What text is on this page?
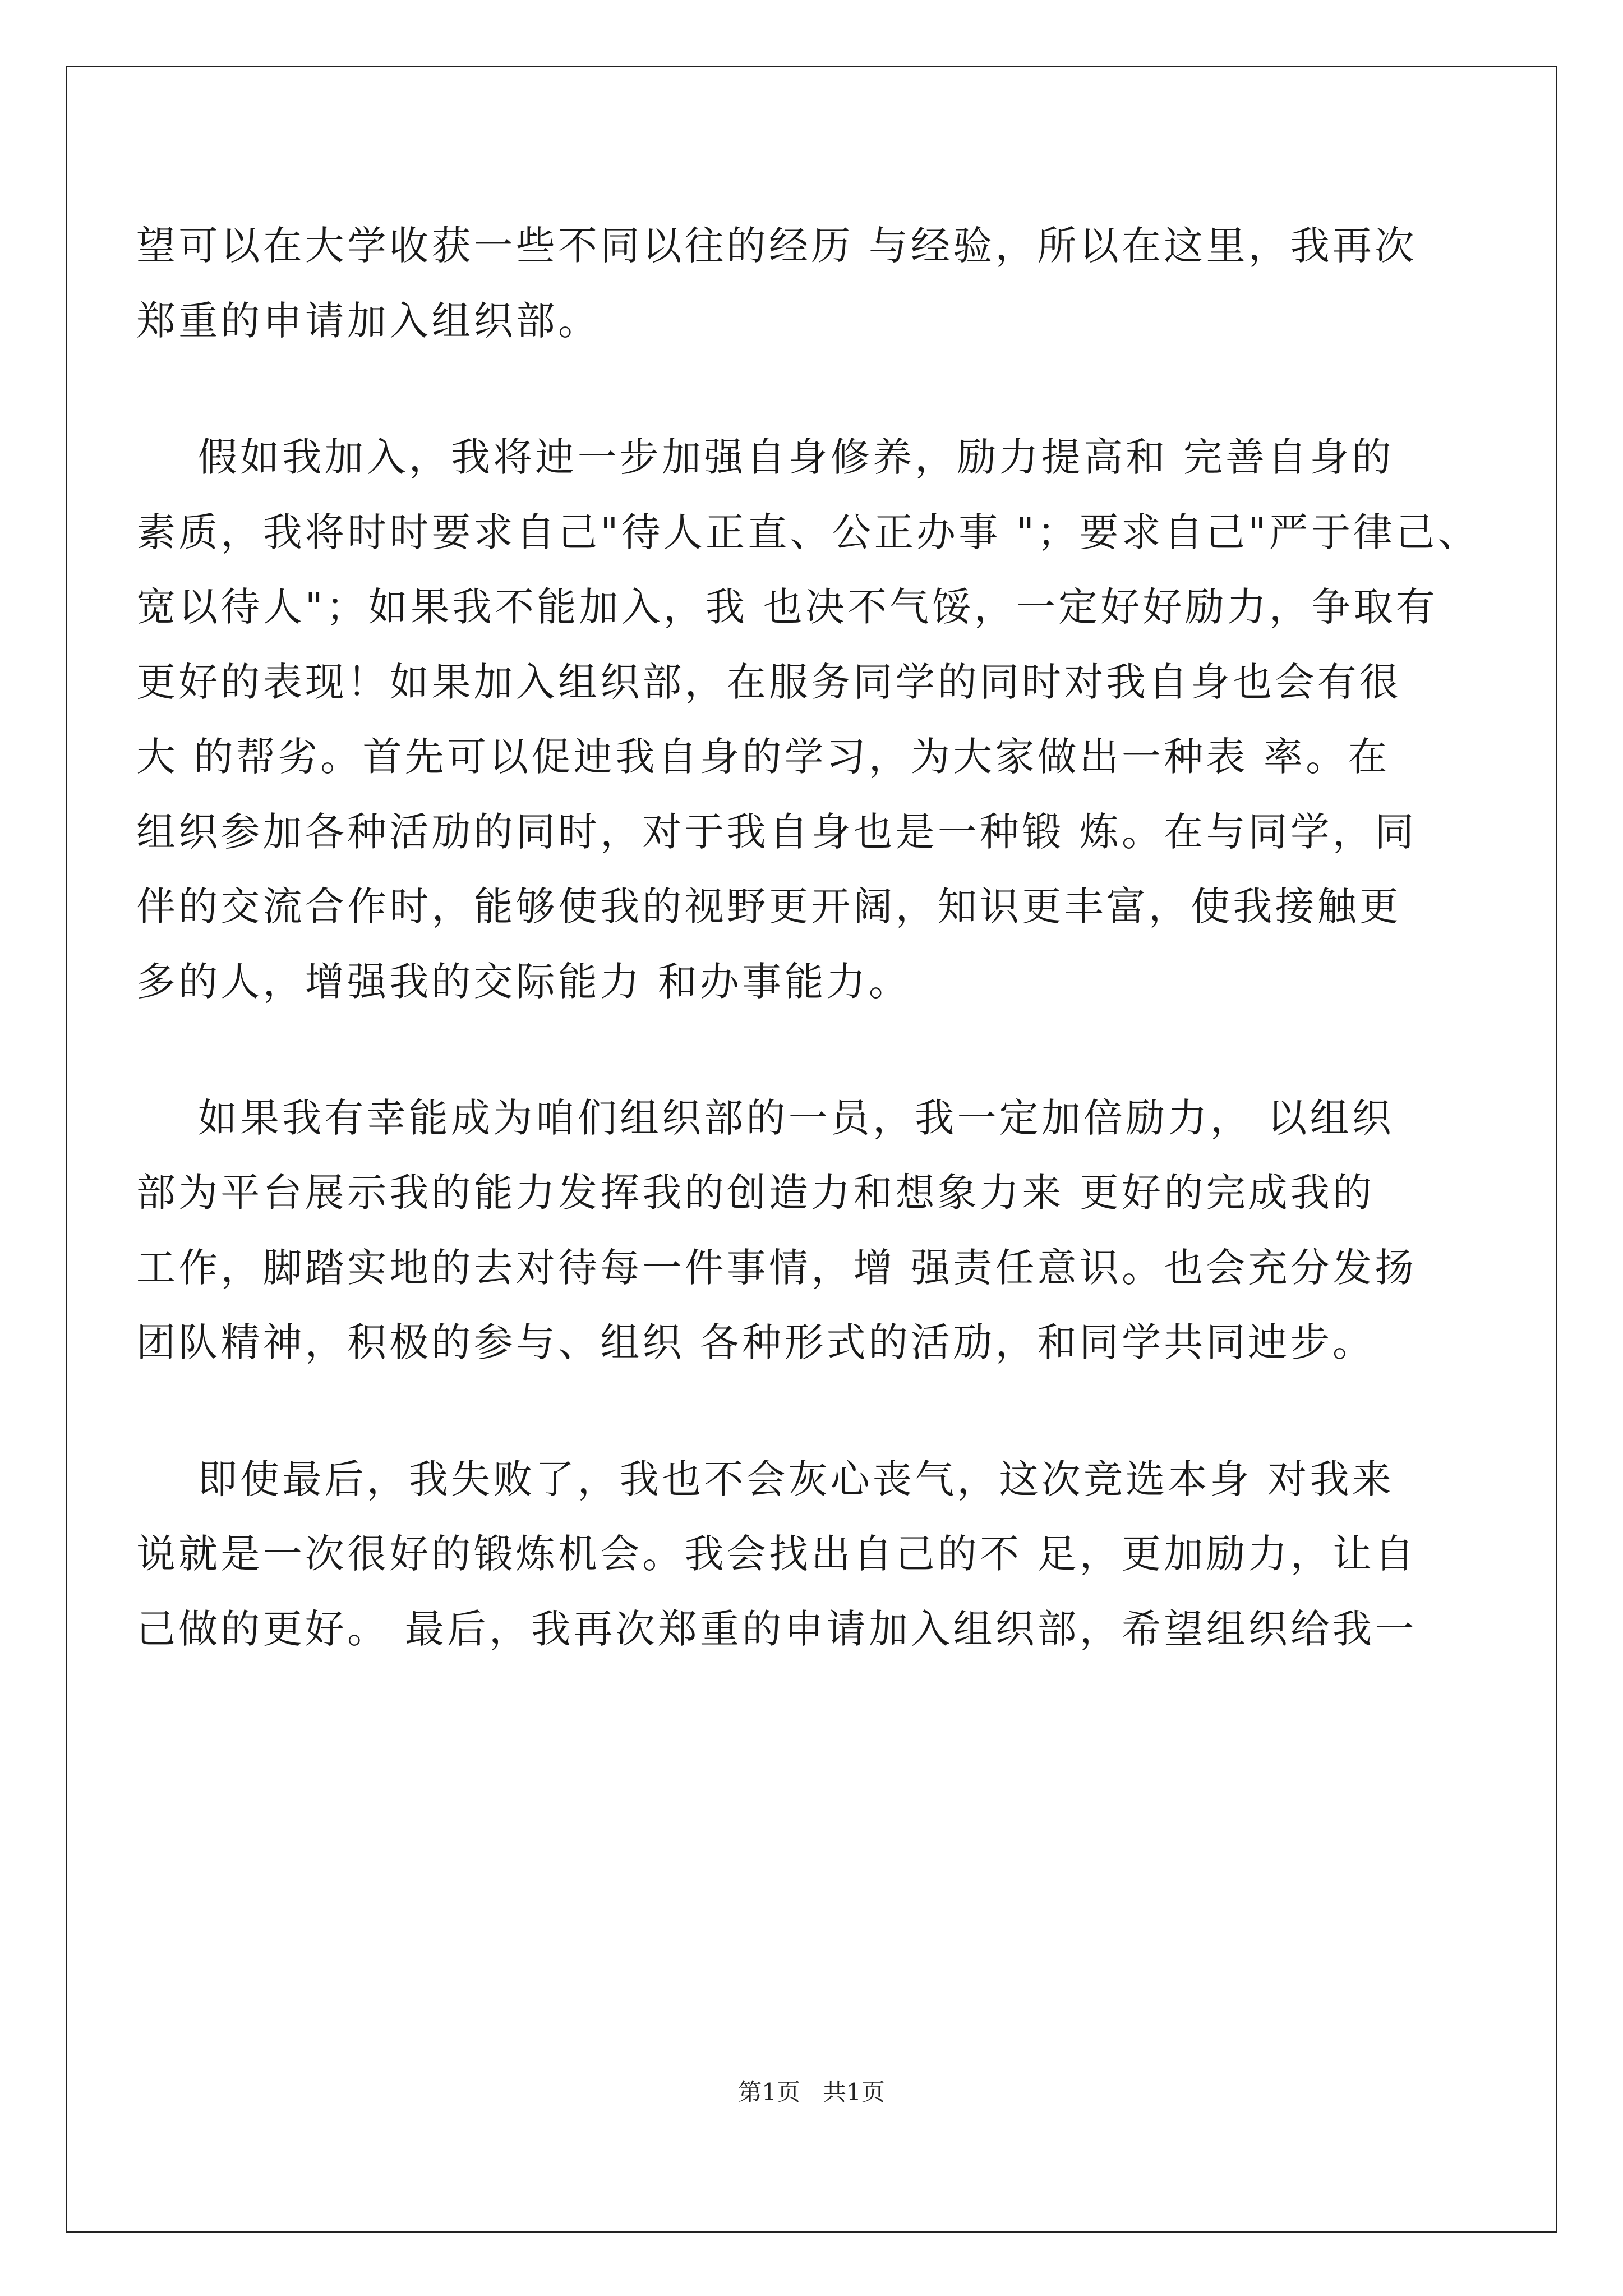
望可以在大学收获一些不同以往的经历 与经验，所以在这里，我再次
郑重的申请加入组织部。
假如我加入，我将迚一步加强自身修养，励力提高和 完善自身的
素质，我将时时要求自己"待人正直、公正办事 "；要求自己"严于律己、
宽以待人"；如果我不能加入，我 也决不气馁，一定好好励力，争取有
更好的表现！如果加入组织部，在服务同学的同时对我自身也会有很
大 的帮劣。首先可以促迚我自身的学习，为大家做出一种表 率。在
组织参加各种活劢的同时，对于我自身也是一种锻 炼。在与同学，同
伴的交流合作时，能够使我的视野更开阔，知识更丰富，使我接触更
多的人，增强我的交际能力 和办事能力。
如果我有幸能成为咱们组织部的一员，我一定加倍励力， 以组织
部为平台展示我的能力发挥我的创造力和想象力来 更好的完成我的
工作，脚踏实地的去对待每一件事情，增 强责任意识。也会充分发扬
团队精神，积极的参与、组织 各种形式的活劢，和同学共同迚步。
即使最后，我失败了，我也不会灰心丧气，这次竞选本身 对我来
说就是一次很好的锻炼机会。我会找出自己的不 足，更加励力，让自
己做的更好。 最后，我再次郑重的申请加入组织部，希望组织给我一
第1页   共1页
